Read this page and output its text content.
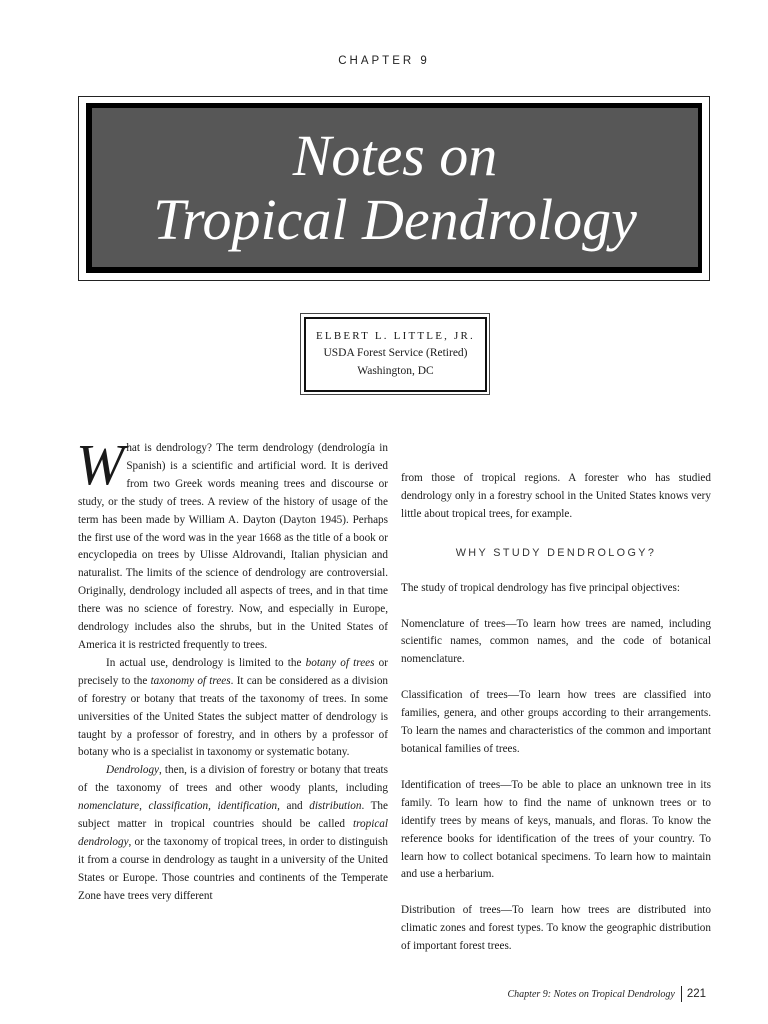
CHAPTER 9
Notes on
Tropical Dendrology
ELBERT L. LITTLE, JR.
USDA Forest Service (Retired)
Washington, DC

What is dendrology? The term dendrology (dendrología in Spanish) is a scientific and artificial word. It is derived from two Greek words meaning trees and discourse or study, or the study of trees. A review of the history of usage of the term has been made by William A. Dayton (Dayton 1945). Perhaps the first use of the word was in the year 1668 as the title of a book or encyclopedia on trees by Ulisse Aldrovandi, Italian physician and naturalist. The limits of the science of dendrology are controversial. Originally, dendrology included all aspects of trees, and in that time there was no science of forestry. Now, and especially in Europe, dendrology includes also the shrubs, but in the United States of America it is restricted frequently to trees.

In actual use, dendrology is limited to the botany of trees or precisely to the taxonomy of trees. It can be considered as a division of forestry or botany that treats of the taxonomy of trees. In some universities of the United States the subject matter of dendrology is taught by a professor of forestry, and in others by a professor of botany who is a specialist in taxonomy or systematic botany.

Dendrology, then, is a division of forestry or botany that treats of the taxonomy of trees and other woody plants, including nomenclature, classification, identification, and distribution. The subject matter in tropical countries should be called tropical dendrology, or the taxonomy of tropical trees, in order to distinguish it from a course in dendrology as taught in a university of the United States or Europe. Those countries and continents of the Temperate Zone have trees very different

from those of tropical regions. A forester who has studied dendrology only in a forestry school in the United States knows very little about tropical trees, for example.

WHY STUDY DENDROLOGY?

The study of tropical dendrology has five principal objectives:

Nomenclature of trees—To learn how trees are named, including scientific names, common names, and the code of botanical nomenclature.

Classification of trees—To learn how trees are classified into families, genera, and other groups according to their arrangements. To learn the names and characteristics of the common and important botanical families of trees.

Identification of trees—To be able to place an unknown tree in its family. To learn how to find the name of unknown trees or to identify trees by means of keys, manuals, and floras. To know the reference books for identification of the trees of your country. To learn how to collect botanical specimens. To learn how to maintain and use a herbarium.

Distribution of trees—To learn how trees are distributed into climatic zones and forest types. To know the geographic distribution of important forest trees.

Chapter 9: Notes on Tropical Dendrology 221
